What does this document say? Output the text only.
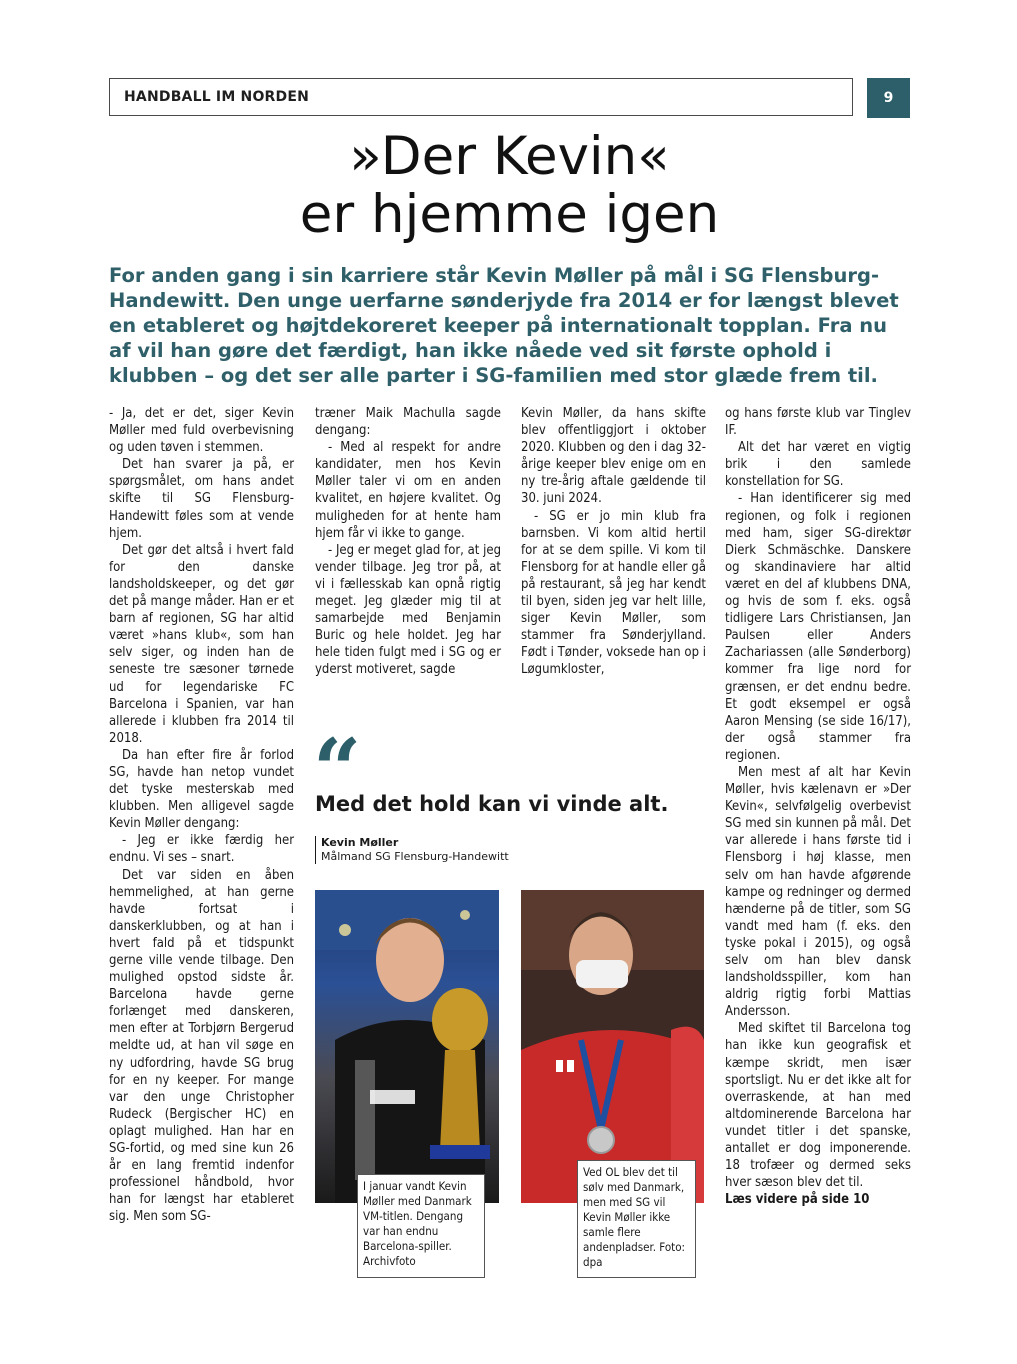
HANDBALL IM NORDEN	9
»Der Kevin«
er hjemme igen

For anden gang i sin karriere står Kevin Møller på mål i SG Flensburg-Handewitt. Den unge uerfarne sønderjyde fra 2014 er for længst blevet en etableret og højtdekoreret keeper på internationalt topplan. Fra nu af vil han gøre det færdigt, han ikke nåede ved sit første ophold i klubben – og det ser alle parter i SG-familien med stor glæde frem til.

- Ja, det er det, siger Kevin Møller med fuld overbevisning og uden tøven i stemmen.

Det han svarer ja på, er spørgsmålet, om hans andet skifte til SG Flensburg-Handewitt føles som at vende hjem.

Det gør det altså i hvert fald for den danske landsholdskeeper, og det gør det på mange måder. Han er et barn af regionen, SG har altid været »hans klub«, som han selv siger, og inden han de seneste tre sæsoner tørnede ud for legendariske FC Barcelona i Spanien, var han allerede i klubben fra 2014 til 2018.

Da han efter fire år forlod SG, havde han netop vundet det tyske mesterskab med klubben. Men alligevel sagde Kevin Møller dengang:

- Jeg er ikke færdig her endnu. Vi ses – snart.

Det var siden en åben hemmelighed, at han gerne havde fortsat i danskerklubben, og at han i hvert fald på et tidspunkt gerne ville vende tilbage. Den mulighed opstod sidste år. Barcelona havde gerne forlænget med danskeren, men efter at Torbjørn Bergerud meldte ud, at han vil søge en ny udfordring, havde SG brug for en ny keeper. For mange var den unge Christopher Rudeck (Bergischer HC) en oplagt mulighed. Han har en SG-fortid, og med sine kun 26 år en lang fremtid indenfor professionel håndbold, hvor han for længst har etableret sig. Men som SG-

træner Maik Machulla sagde dengang:

- Med al respekt for andre kandidater, men hos Kevin Møller taler vi om en anden kvalitet, en højere kvalitet. Og muligheden for at hente ham hjem får vi ikke to gange.

- Jeg er meget glad for, at jeg vender tilbage. Jeg tror på, at vi i fællesskab kan opnå rigtig meget. Jeg glæder mig til at samarbejde med Benjamin Buric og hele holdet. Jeg har hele tiden fulgt med i SG og er yderst motiveret, sagde

Kevin Møller, da hans skifte blev offentliggjort i oktober 2020. Klubben og den i dag 32-årige keeper blev enige om en ny tre-årig aftale gældende til 30. juni 2024.

- SG er jo min klub fra barnsben. Vi kom altid hertil for at se dem spille. Vi kom til Flensborg for at handle eller gå på restaurant, så jeg har kendt til byen, siden jeg var helt lille, siger Kevin Møller, som stammer fra Sønderjylland. Født i Tønder, voksede han op i Løgumkloster,

og hans første klub var Tinglev IF.

Alt det har været en vigtig brik i den samlede konstellation for SG.

- Han identificerer sig med regionen, og folk i regionen med ham, siger SG-direktør Dierk Schmäschke. Danskere og skandinaviere har altid været en del af klubbens DNA, og hvis de som f. eks. også tidligere Lars Christiansen, Jan Paulsen eller Anders Zachariassen (alle Sønderborg) kommer fra lige nord for grænsen, er det endnu bedre. Et godt eksempel er også Aaron Mensing (se side 16/17), der også stammer fra regionen.

Men mest af alt har Kevin Møller, hvis kælenavn er »Der Kevin«, selvfølgelig overbevist SG med sin kunnen på mål. Det var allerede i hans første tid i Flensborg i høj klasse, men selv om han havde afgørende kampe og redninger og dermed hænderne på de titler, som SG vandt med ham (f. eks. den tyske pokal i 2015), og også selv om han blev dansk landsholdsspiller, kom han aldrig rigtig forbi Mattias Andersson.

Med skiftet til Barcelona tog han ikke kun geografisk et kæmpe skridt, men især sportsligt. Nu er det ikke alt for overraskende, at han med altdominerende Barcelona har vundet titler i det spanske, antallet er dog imponerende. 18 trofæer og dermed seks hver sæson blev det til.

Læs videre på side 10

“

Med det hold kan vi vinde alt.

Kevin Møller
Målmand SG Flensburg-Handewitt
I januar vandt Kevin Møller med Danmark VM-titlen. Dengang var han endnu Barcelona-spiller. Archivfoto
Ved OL blev det til sølv med Danmark, men med SG vil Kevin Møller ikke samle flere andenpladser. Foto: dpa
